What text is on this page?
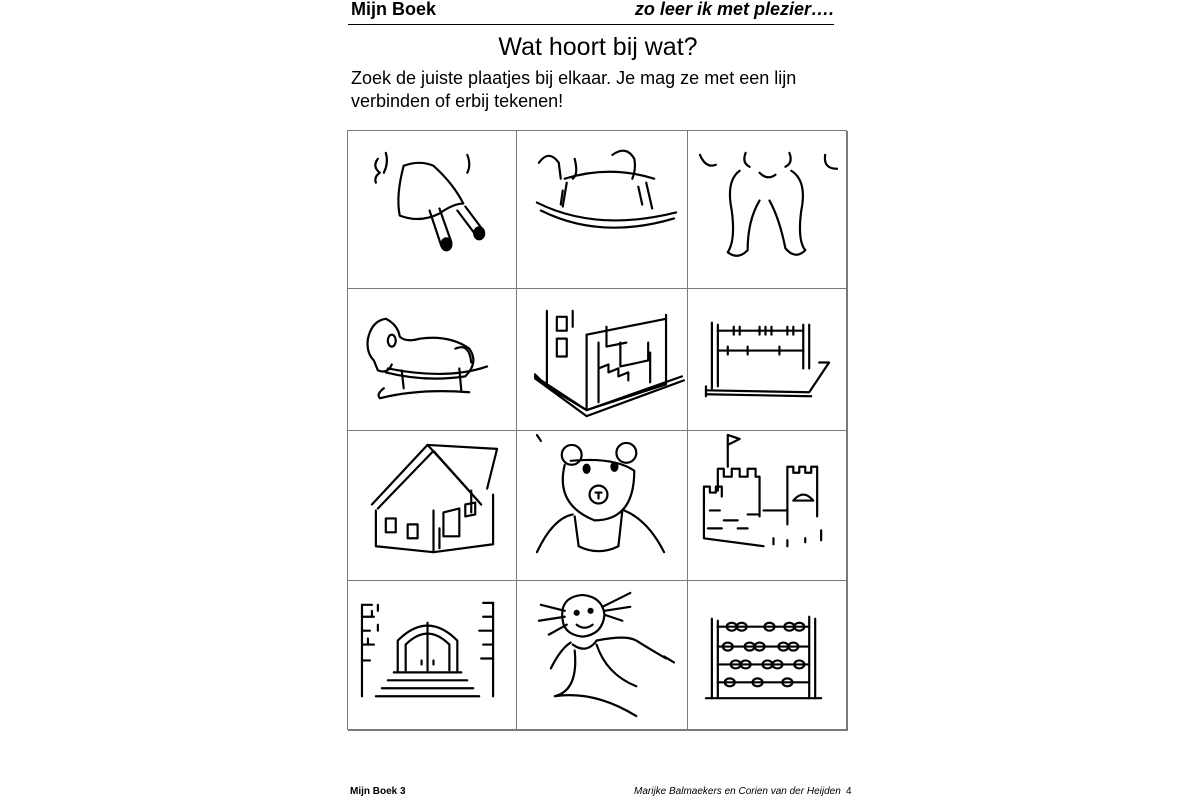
Mijn Boek	zo leer ik met plezier….
Wat hoort bij wat?
Zoek de juiste plaatjes bij elkaar. Je mag ze met een lijn verbinden of erbij tekenen!
Mijn Boek 3	Marijke Balmaekers en Corien van der Heijden 4
